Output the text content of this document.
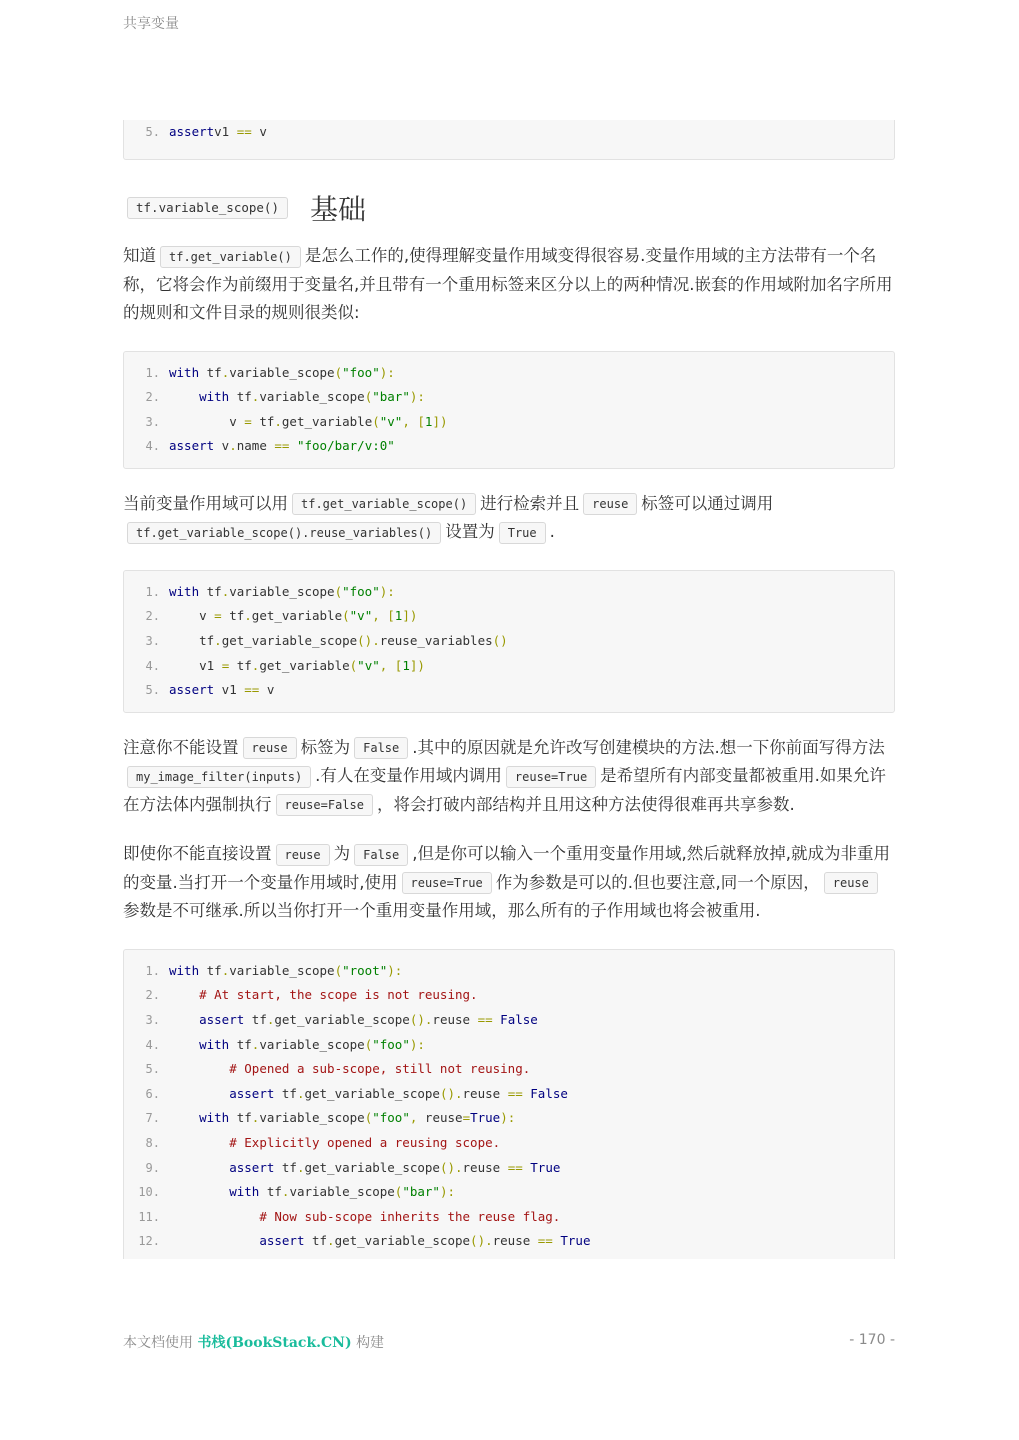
共享变量
5. assertv1 == v
tf.variable_scope()	基础

知道 tf.get_variable() 是怎么工作的,使得理解变量作用域变得很容易.变量作用域的主方法带有一个名称，它将会作为前缀用于变量名,并且带有一个重用标签来区分以上的两种情况.嵌套的作用域附加名字所用的规则和文件目录的规则很类似:

1. with tf.variable_scope("foo"):
2.	with tf.variable_scope("bar"):
3. v = tf.get_variable("v", [1])
4. assert v.name == "foo/bar/v:0"

当前变量作用域可以用 tf.get_variable_scope() 进行检索并且 reuse 标签可以通过调用tf.get_variable_scope().reuse_variables() 设置为 True .

1. with tf.variable_scope("foo"):
2. v = tf.get_variable("v", [1])
3. tf.get_variable_scope().reuse_variables()
4. v1 = tf.get_variable("v", [1])
5. assert v1 == v

注意你不能设置 reuse 标签为 False .其中的原因就是允许改写创建模块的方法.想一下你前面写得方法my_image_filter(inputs) .有人在变量作用域内调用 reuse=True 是希望所有内部变量都被重用.如果允许在方法体内强制执行 reuse=False ，将会打破内部结构并且用这种方法使得很难再共享参数.

即使你不能直接设置 reuse 为 False ,但是你可以输入一个重用变量作用域,然后就释放掉,就成为非重用的变量.当打开一个变量作用域时,使用 reuse=True 作为参数是可以的.但也要注意,同一个原因， reuse参数是不可继承.所以当你打开一个重用变量作用域，那么所有的子作用域也将会被重用.

1. with tf.variable_scope("root"):
2.	# At start, the scope is not reusing.
3.	assert tf.get_variable_scope().reuse == False
4.	with tf.variable_scope("foo"):
5.	# Opened a sub-scope, still not reusing.
6.	assert tf.get_variable_scope().reuse == False
7.	with tf.variable_scope("foo", reuse=True):
8.	# Explicitly opened a reusing scope.
9.	assert tf.get_variable_scope().reuse == True
10.	with tf.variable_scope("bar"):
11.	# Now sub-scope inherits the reuse flag.
12.	assert tf.get_variable_scope().reuse == True
本文档使用 书栈(BookStack.CN) 构建	- 170 -
